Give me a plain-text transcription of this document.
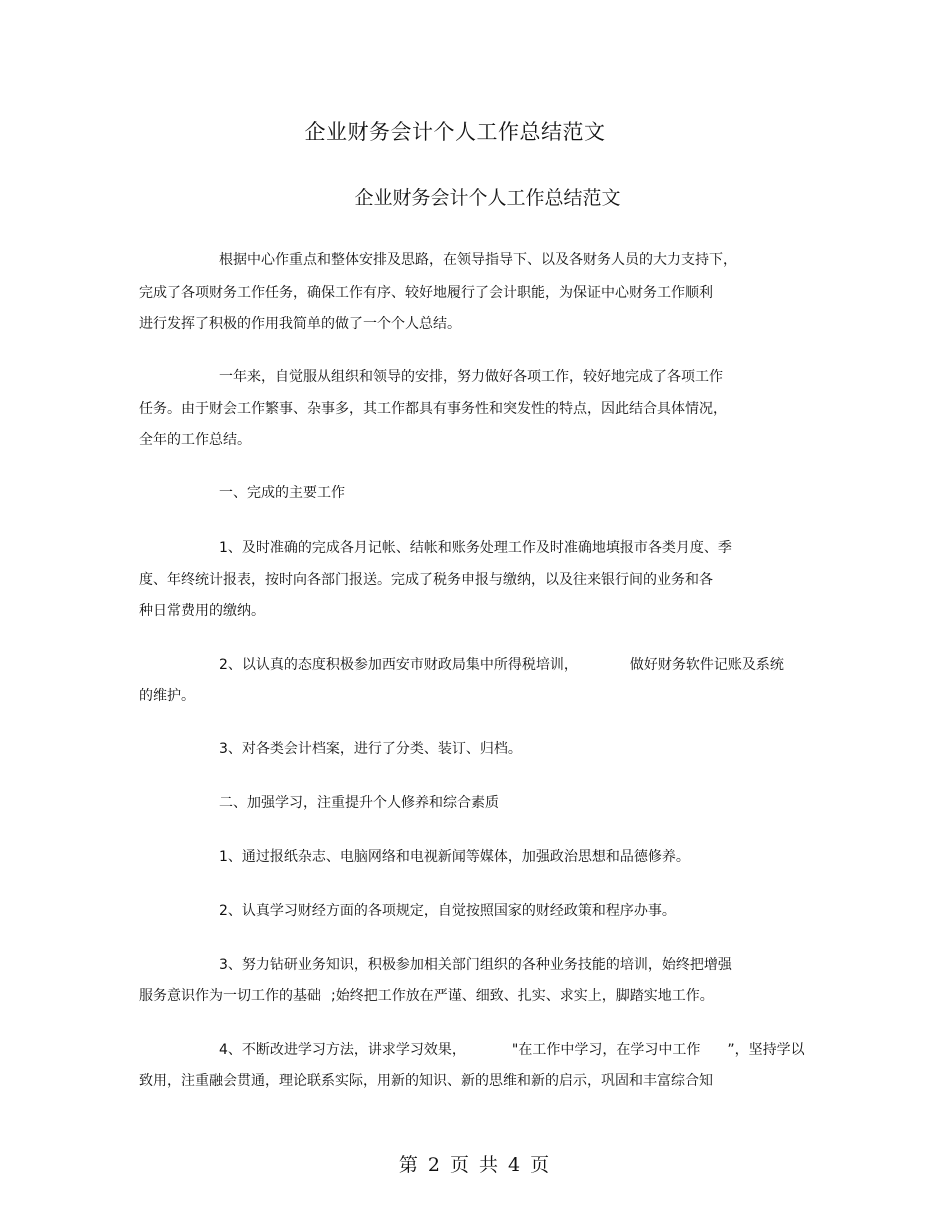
企业财务会计个人工作总结范文
企业财务会计个人工作总结范文
根据中心作重点和整体安排及思路，在领导指导下、以及各财务人员的大力支持下，
完成了各项财务工作任务，确保工作有序、较好地履行了会计职能，为保证中心财务工作顺利
进行发挥了积极的作用我简单的做了一个个人总结。
一年来，自觉服从组织和领导的安排，努力做好各项工作，较好地完成了各项工作
任务。由于财会工作繁事、杂事多，其工作都具有事务性和突发性的特点，因此结合具体情况，
全年的工作总结。
一、完成的主要工作
1、及时准确的完成各月记帐、结帐和账务处理工作及时准确地填报市各类月度、季
度、年终统计报表，按时向各部门报送。完成了税务申报与缴纳，以及往来银行间的业务和各
种日常费用的缴纳。
2、以认真的态度积极参加西安市财政局集中所得税培训，	做好财务软件记账及系统
的维护。
3、对各类会计档案，进行了分类、装订、归档。
二、加强学习，注重提升个人修养和综合素质
1、通过报纸杂志、电脑网络和电视新闻等媒体，加强政治思想和品德修养。
2、认真学习财经方面的各项规定，自觉按照国家的财经政策和程序办事。
3、努力钻研业务知识，积极参加相关部门组织的各种业务技能的培训，始终把增强
服务意识作为一切工作的基础 ;始终把工作放在严谨、细致、扎实、求实上，脚踏实地工作。
4、不断改进学习方法，讲求学习效果，	"在工作中学习，在学习中工作 ”，坚持学以
致用，注重融会贯通，理论联系实际，用新的知识、新的思维和新的启示，巩固和丰富综合知
第 2 页 共 4 页
